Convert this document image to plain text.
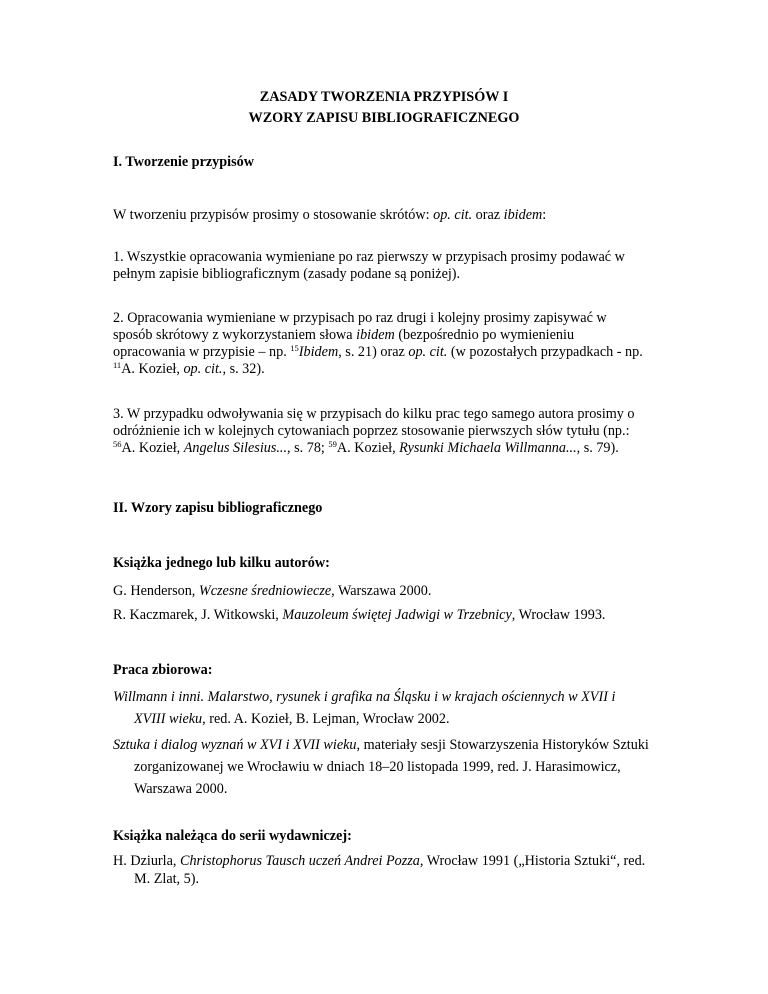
ZASADY TWORZENIA PRZYPISÓW I
WZORY ZAPISU BIBLIOGRAFICZNEGO
I. Tworzenie przypisów
W tworzeniu przypisów prosimy o stosowanie skrótów: op. cit. oraz ibidem:
1. Wszystkie opracowania wymieniane po raz pierwszy w przypisach prosimy podawać w
pełnym zapisie bibliograficznym (zasady podane są poniżej).
2. Opracowania wymieniane w przypisach po raz drugi i kolejny prosimy zapisywać w
sposób skrótowy z wykorzystaniem słowa ibidem (bezpośrednio po wymienieniu
opracowania w przypisie – np. $^{15}$Ibidem, s. 21) oraz op. cit. (w pozostałych przypadkach - np.
$^{11}$A. Kozieł, op. cit., s. 32).
3. W przypadku odwoływania się w przypisach do kilku prac tego samego autora prosimy o
odróżnienie ich w kolejnych cytowaniach poprzez stosowanie pierwszych słów tytułu (np.:
$^{56}$A. Kozieł, Angelus Silesius..., s. 78; $^{59}$A. Kozieł, Rysunki Michaela Willmanna..., s. 79).
II. Wzory zapisu bibliograficznego
Książka jednego lub kilku autorów:
G. Henderson, Wczesne średniowiecze, Warszawa 2000.
R. Kaczmarek, J. Witkowski, Mauzoleum świętej Jadwigi w Trzebnicy, Wrocław 1993.
Praca zbiorowa:
Willmann i inni. Malarstwo, rysunek i grafika na Śląsku i w krajach ościennych w XVII i
XVIII wieku, red. A. Kozieł, B. Lejman, Wrocław 2002.
Sztuka i dialog wyznań w XVI i XVII wieku, materiały sesji Stowarzyszenia Historyków Sztuki
zorganizowanej we Wrocławiu w dniach 18–20 listopada 1999, red. J. Harasimowicz,
Warszawa 2000.
Książka należąca do serii wydawniczej:
H. Dziurla, Christophorus Tausch uczeń Andrei Pozza, Wrocław 1991 („Historia Sztuki“, red.
M. Zlat, 5).
